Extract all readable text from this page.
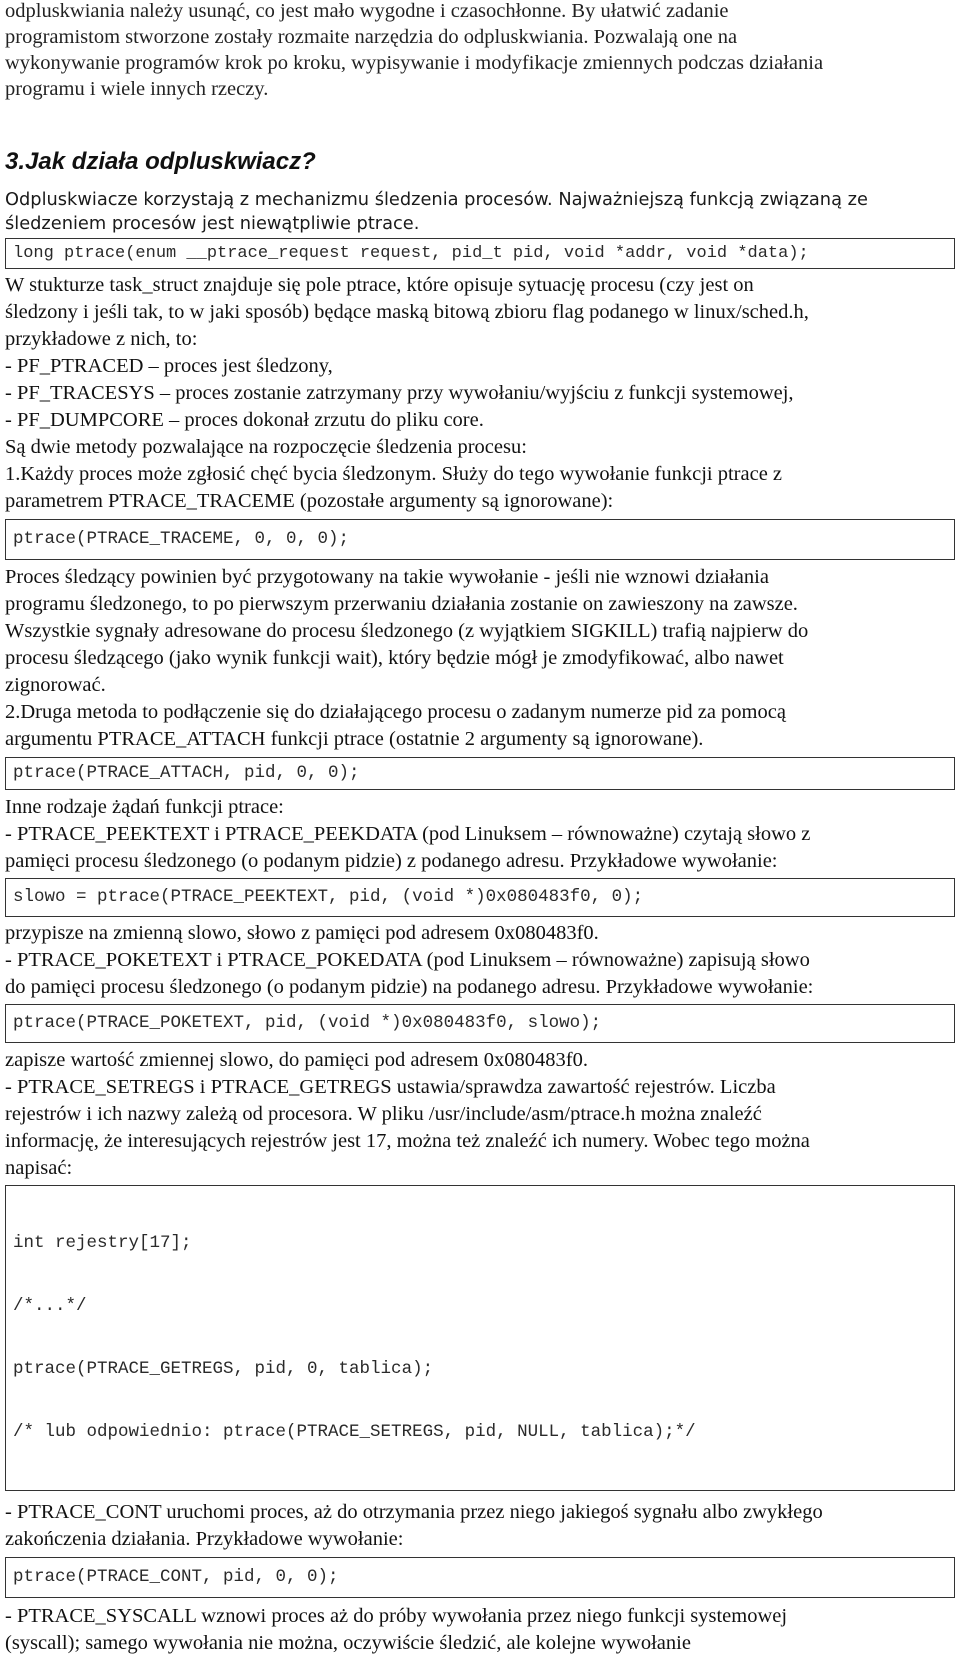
odpluskwiania należy usunąć, co jest mało wygodne i czasochłonne. By ułatwić zadanie
programistom stworzone zostały rozmaite narzędzia do odpluskwiania. Pozwalają one na
wykonywanie programów krok po kroku, wypisywanie i modyfikacje zmiennych podczas działania
programu i wiele innych rzeczy.
3.Jak działa odpluskwiacz?
Odpluskwiacze korzystają z mechanizmu śledzenia procesów. Najważniejszą funkcją związaną ze
śledzeniem procesów jest niewątpliwie ptrace.
long ptrace(enum __ptrace_request request, pid_t pid, void *addr, void *data);
W stukturze task_struct znajduje się pole ptrace, które opisuje sytuację procesu (czy jest on
śledzony i jeśli tak, to w jaki sposób) będące maską bitową zbioru flag podanego w linux/sched.h,
przykładowe z nich, to:
- PF_PTRACED – proces jest śledzony,
- PF_TRACESYS – proces zostanie zatrzymany przy wywołaniu/wyjściu z funkcji systemowej,
- PF_DUMPCORE – proces dokonał zrzutu do pliku core.
Są dwie metody pozwalające na rozpoczęcie śledzenia procesu:
1.Każdy proces może zgłosić chęć bycia śledzonym. Służy do tego wywołanie funkcji ptrace z
parametrem PTRACE_TRACEME (pozostałe argumenty są ignorowane):
ptrace(PTRACE_TRACEME, 0, 0, 0);
Proces śledzący powinien być przygotowany na takie wywołanie - jeśli nie wznowi działania
programu śledzonego, to po pierwszym przerwaniu działania zostanie on zawieszony na zawsze.
Wszystkie sygnały adresowane do procesu śledzonego (z wyjątkiem SIGKILL) trafią najpierw do
procesu śledzącego (jako wynik funkcji wait), który będzie mógł je zmodyfikować, albo nawet
zignorować.
2.Druga metoda to podłączenie się do działającego procesu o zadanym numerze pid za pomocą
argumentu PTRACE_ATTACH funkcji ptrace (ostatnie 2 argumenty są ignorowane).
ptrace(PTRACE_ATTACH, pid, 0, 0);
Inne rodzaje żądań funkcji ptrace:
- PTRACE_PEEKTEXT i PTRACE_PEEKDATA (pod Linuksem – równoważne) czytają słowo z
pamięci procesu śledzonego (o podanym pidzie) z podanego adresu. Przykładowe wywołanie:
slowo = ptrace(PTRACE_PEEKTEXT, pid, (void *)0x080483f0, 0);
przypisze na zmienną slowo, słowo z pamięci pod adresem 0x080483f0.
- PTRACE_POKETEXT i PTRACE_POKEDATA (pod Linuksem – równoważne) zapisują słowo
do pamięci procesu śledzonego (o podanym pidzie) na podanego adresu. Przykładowe wywołanie:
ptrace(PTRACE_POKETEXT, pid, (void *)0x080483f0, slowo);
zapisze wartość zmiennej slowo, do pamięci pod adresem 0x080483f0.
- PTRACE_SETREGS i PTRACE_GETREGS ustawia/sprawdza zawartość rejestrów. Liczba
rejestrów i ich nazwy zależą od procesora. W pliku /usr/include/asm/ptrace.h można znaleźć
informację, że interesujących rejestrów jest 17, można też znaleźć ich numery. Wobec tego można
napisać:

int rejestry[17];

/*...*/

ptrace(PTRACE_GETREGS, pid, 0, tablica);

/* lub odpowiednio: ptrace(PTRACE_SETREGS, pid, NULL, tablica);*/

- PTRACE_CONT uruchomi proces, aż do otrzymania przez niego jakiegoś sygnału albo zwykłego
zakończenia działania. Przykładowe wywołanie:
ptrace(PTRACE_CONT, pid, 0, 0);
- PTRACE_SYSCALL wznowi proces aż do próby wywołania przez niego funkcji systemowej
(syscall); samego wywołania nie można, oczywiście śledzić, ale kolejne wywołanie
